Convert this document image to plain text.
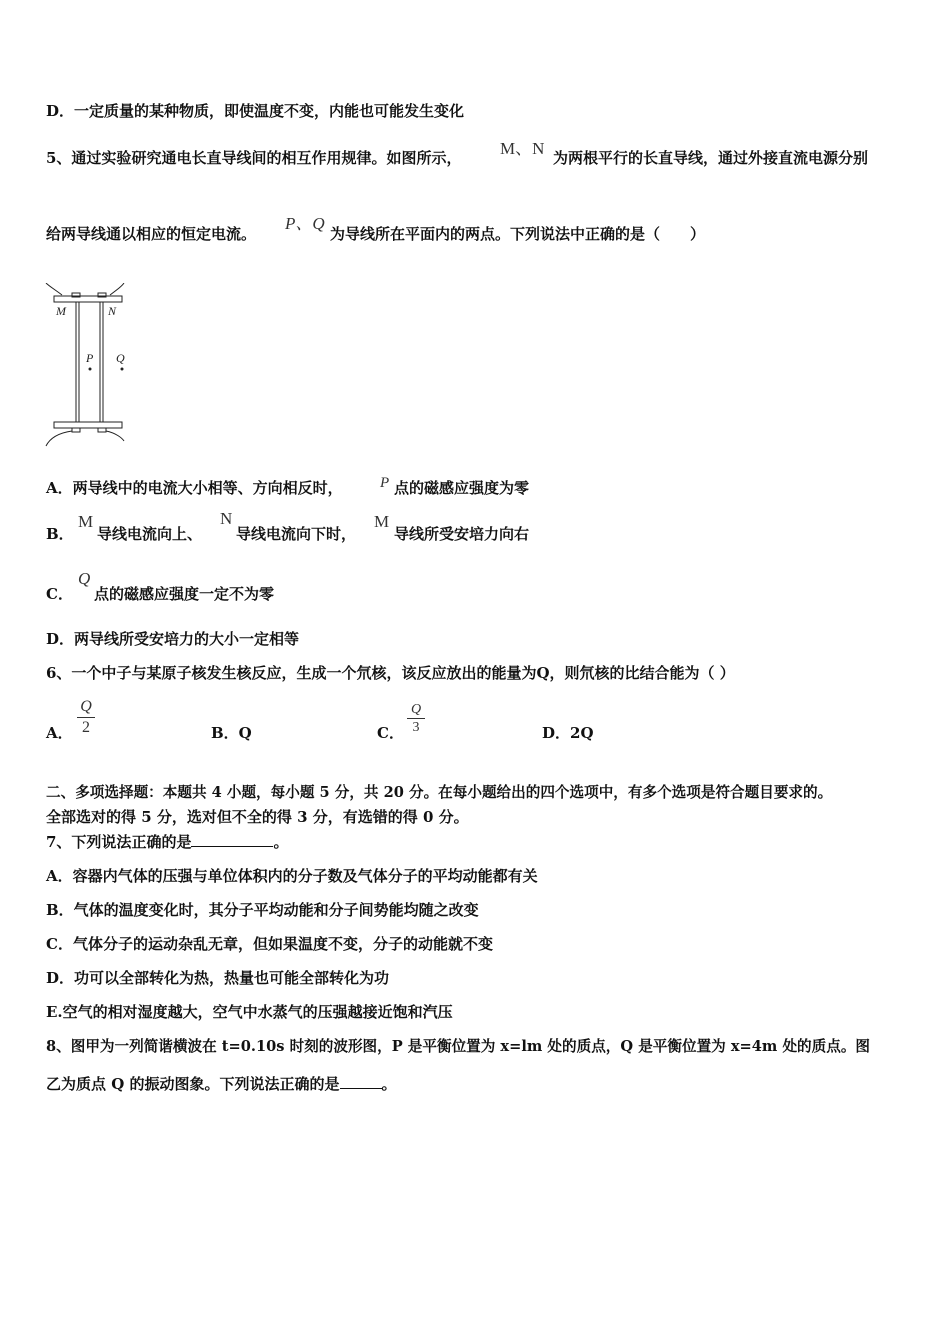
D．一定质量的某种物质，即使温度不变，内能也可能发生变化
5、通过实验研究通电长直导线间的相互作用规律。如图所示， M、N 为两根平行的长直导线，通过外接直流电源分别
给两导线通以相应的恒定电流。
P、Q
为导线所在平面内的两点。下列说法中正确的是（　　）
M	N
P Q
A．两导线中的电流大小相等、方向相反时， P 点的磁感应强度为零
B．
M
导线电流向上、
N
导线电流向下时，
M
导线所受安培力向右
C．
Q
点的磁感应强度一定不为零
D．两导线所受安培力的大小一定相等
6、一个中子与某原子核发生核反应，生成一个氘核，该反应放出的能量为Q，则氘核的比结合能为（ ）
A．
Q
2	B．Q	C．
Q
3	D．2Q
二、多项选择题：本题共 4 小题，每小题 5 分，共 20 分。在每小题给出的四个选项中，有多个选项是符合题目要求的。
全部选对的得 5 分，选对但不全的得 3 分，有选错的得 0 分。
7、下列说法正确的是	。
A．容器内气体的压强与单位体积内的分子数及气体分子的平均动能都有关
B．气体的温度变化时，其分子平均动能和分子间势能均随之改变
C．气体分子的运动杂乱无章，但如果温度不变，分子的动能就不变
D．功可以全部转化为热，热量也可能全部转化为功
E.空气的相对湿度越大，空气中水蒸气的压强越接近饱和汽压
8、图甲为一列简谐横波在 t=0.10s 时刻的波形图，P 是平衡位置为 x=lm 处的质点，Q 是平衡位置为 x=4m 处的质点。图
乙为质点 Q 的振动图象。下列说法正确的是	。
